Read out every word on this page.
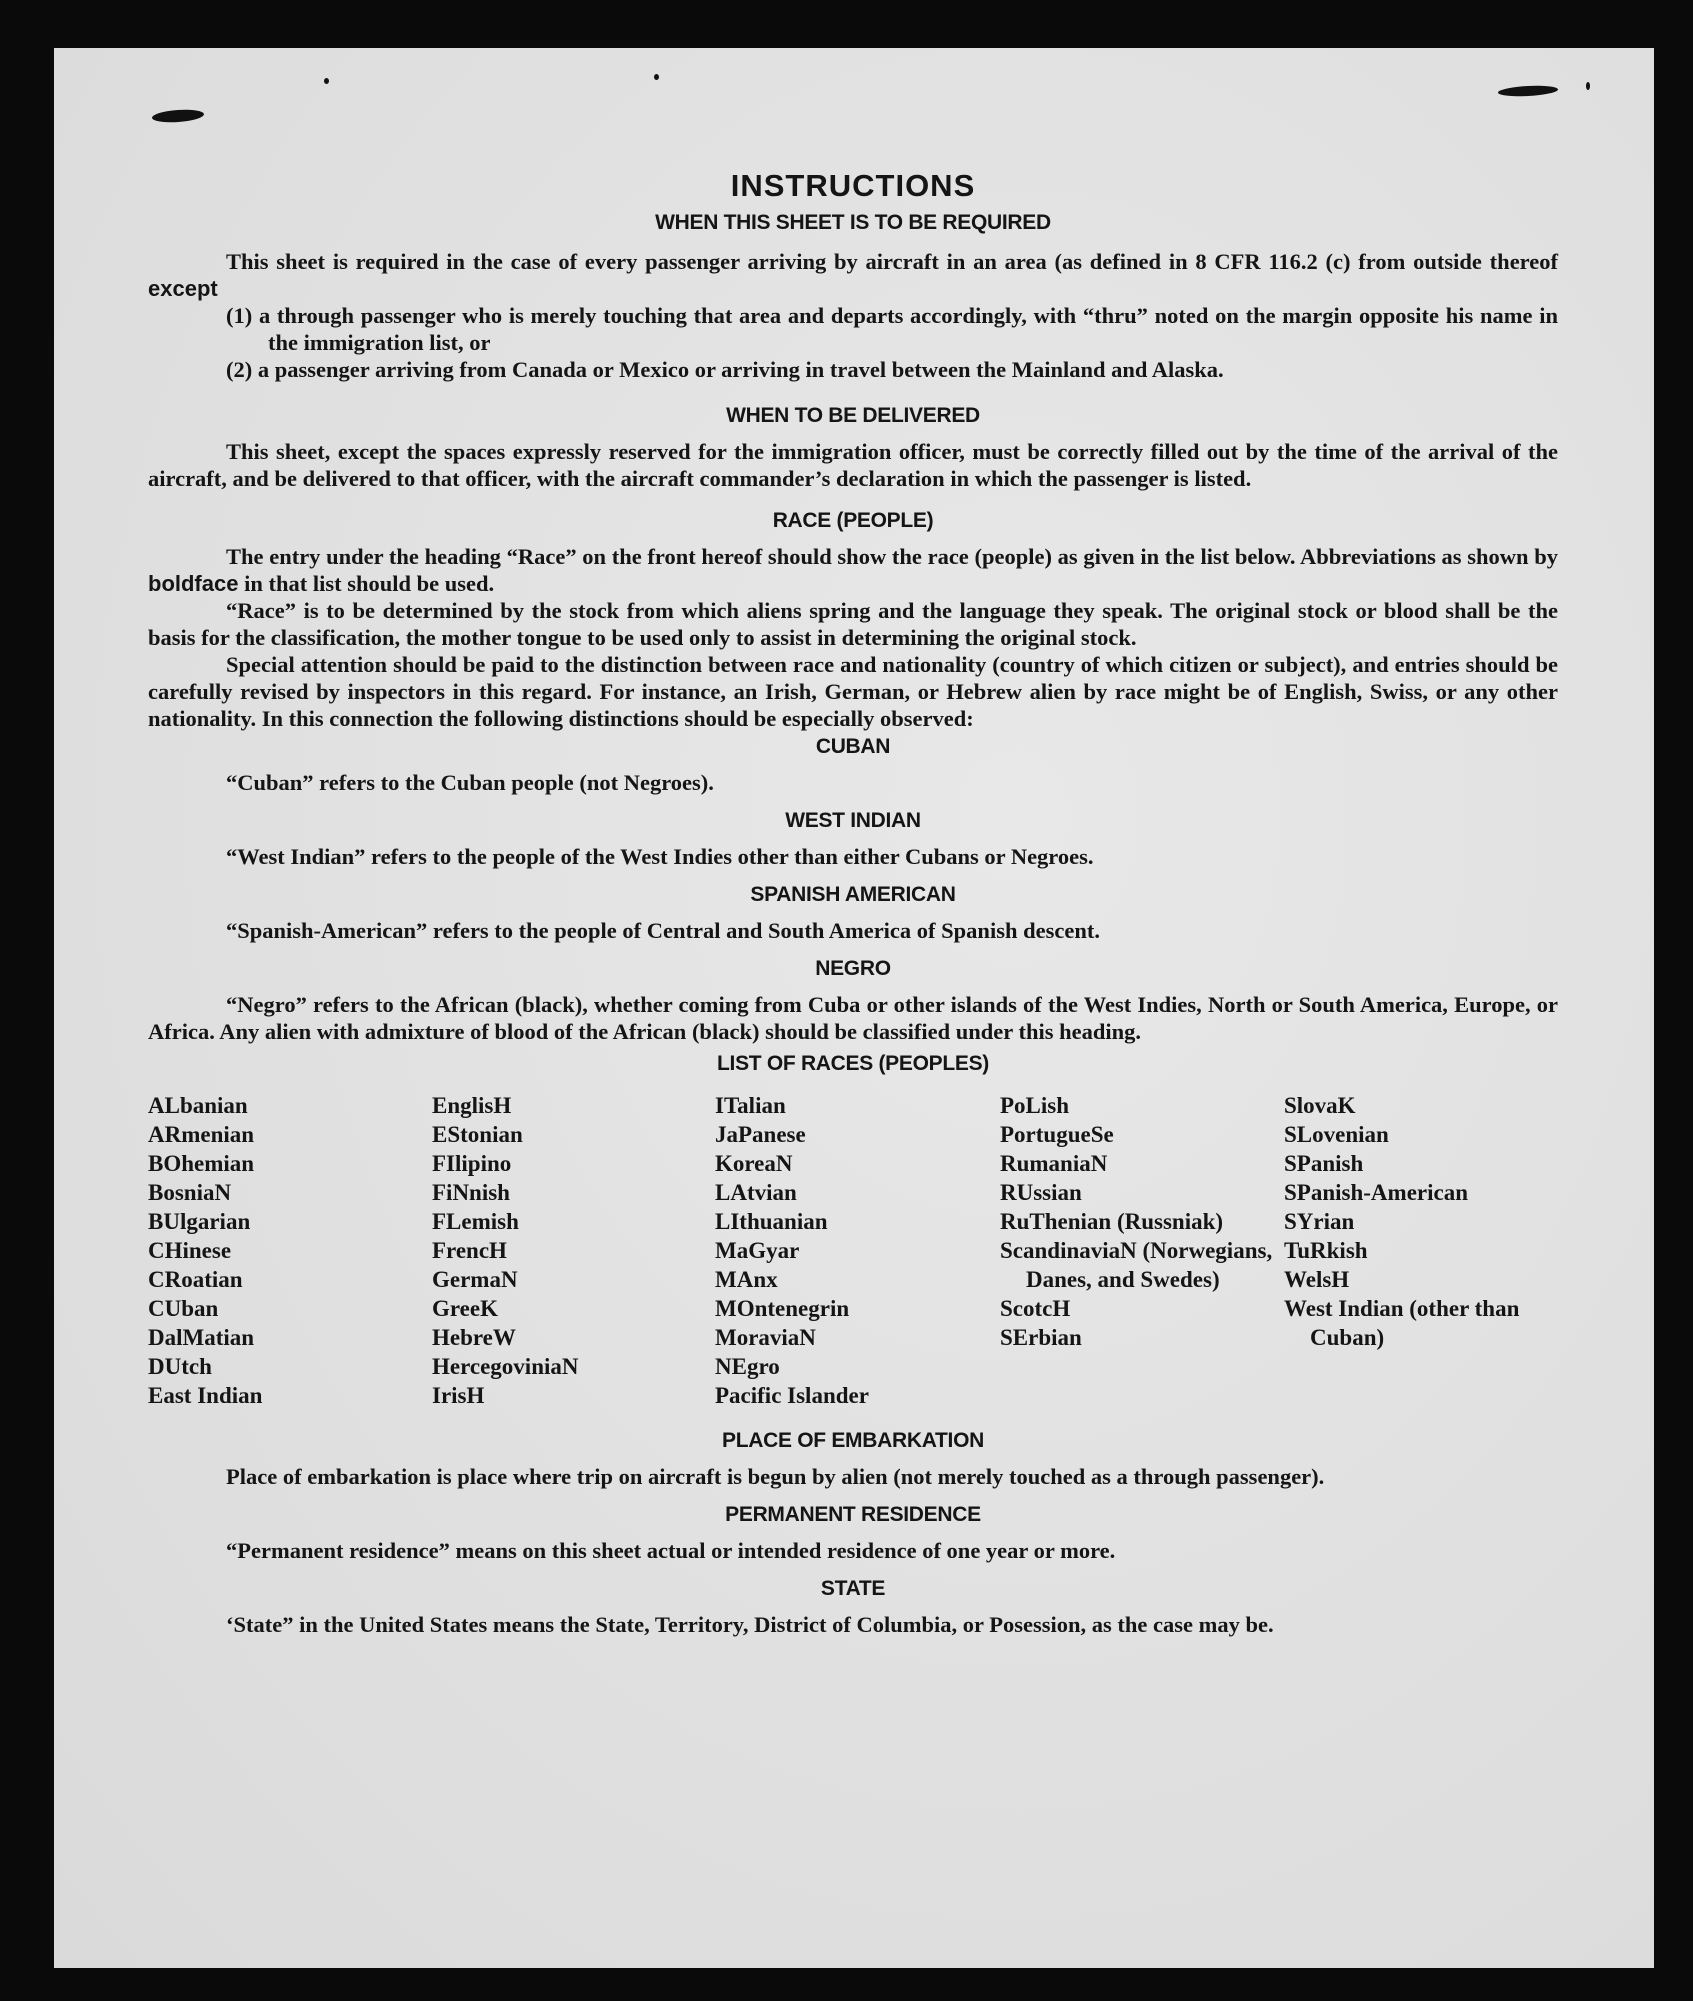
INSTRUCTIONS
WHEN THIS SHEET IS TO BE REQUIRED

This sheet is required in the case of every passenger arriving by aircraft in an area (as defined in 8 CFR 116.2 (c) from outside thereof except

(1) a through passenger who is merely touching that area and departs accordingly, with “thru” noted on the margin opposite his name in the immigration list, or

(2) a passenger arriving from Canada or Mexico or arriving in travel between the Mainland and Alaska.

WHEN TO BE DELIVERED

This sheet, except the spaces expressly reserved for the immigration officer, must be correctly filled out by the time of the arrival of the aircraft, and be delivered to that officer, with the aircraft commander’s declaration in which the passenger is listed.

RACE (PEOPLE)

The entry under the heading “Race” on the front hereof should show the race (people) as given in the list below. Abbreviations as shown by boldface in that list should be used.

“Race” is to be determined by the stock from which aliens spring and the language they speak. The original stock or blood shall be the basis for the classification, the mother tongue to be used only to assist in determining the original stock.

Special attention should be paid to the distinction between race and nationality (country of which citizen or subject), and entries should be carefully revised by inspectors in this regard. For instance, an Irish, German, or Hebrew alien by race might be of English, Swiss, or any other nationality. In this connection the following distinctions should be especially observed:

CUBAN

“Cuban” refers to the Cuban people (not Negroes).

WEST INDIAN

“West Indian” refers to the people of the West Indies other than either Cubans or Negroes.

SPANISH AMERICAN

“Spanish-American” refers to the people of Central and South America of Spanish descent.

NEGRO

“Negro” refers to the African (black), whether coming from Cuba or other islands of the West Indies, North or South America, Europe, or Africa. Any alien with admixture of blood of the African (black) should be classified under this heading.

LIST OF RACES (PEOPLES)
ALbanian
ARmenian
BOhemian
BosniaN
BUlgarian
CHinese
CRoatian
CUban
DalMatian
DUtch
East Indian
EnglisH
EStonian
FIlipino
FiNnish
FLemish
FrencH
GermaN
GreeK
HebreW
HercegoviniaN
IrisH
ITalian
JaPanese
KoreaN
LAtvian
LIthuanian
MaGyar
MAnx
MOntenegrin
MoraviaN
NEgro
Pacific Islander
PoLish
PortugueSe
RumaniaN
RUssian
RuThenian (Russniak)
ScandinaviaN (Norwegians, Danes, and Swedes)
ScotcH
SErbian
SlovaK
SLovenian
SPanish
SPanish-American
SYrian
TuRkish
WelsH
West Indian (other than Cuban)
PLACE OF EMBARKATION

Place of embarkation is place where trip on aircraft is begun by alien (not merely touched as a through passenger).

PERMANENT RESIDENCE

“Permanent residence” means on this sheet actual or intended residence of one year or more.

STATE

‘State” in the United States means the State, Territory, District of Columbia, or Posession, as the case may be.
